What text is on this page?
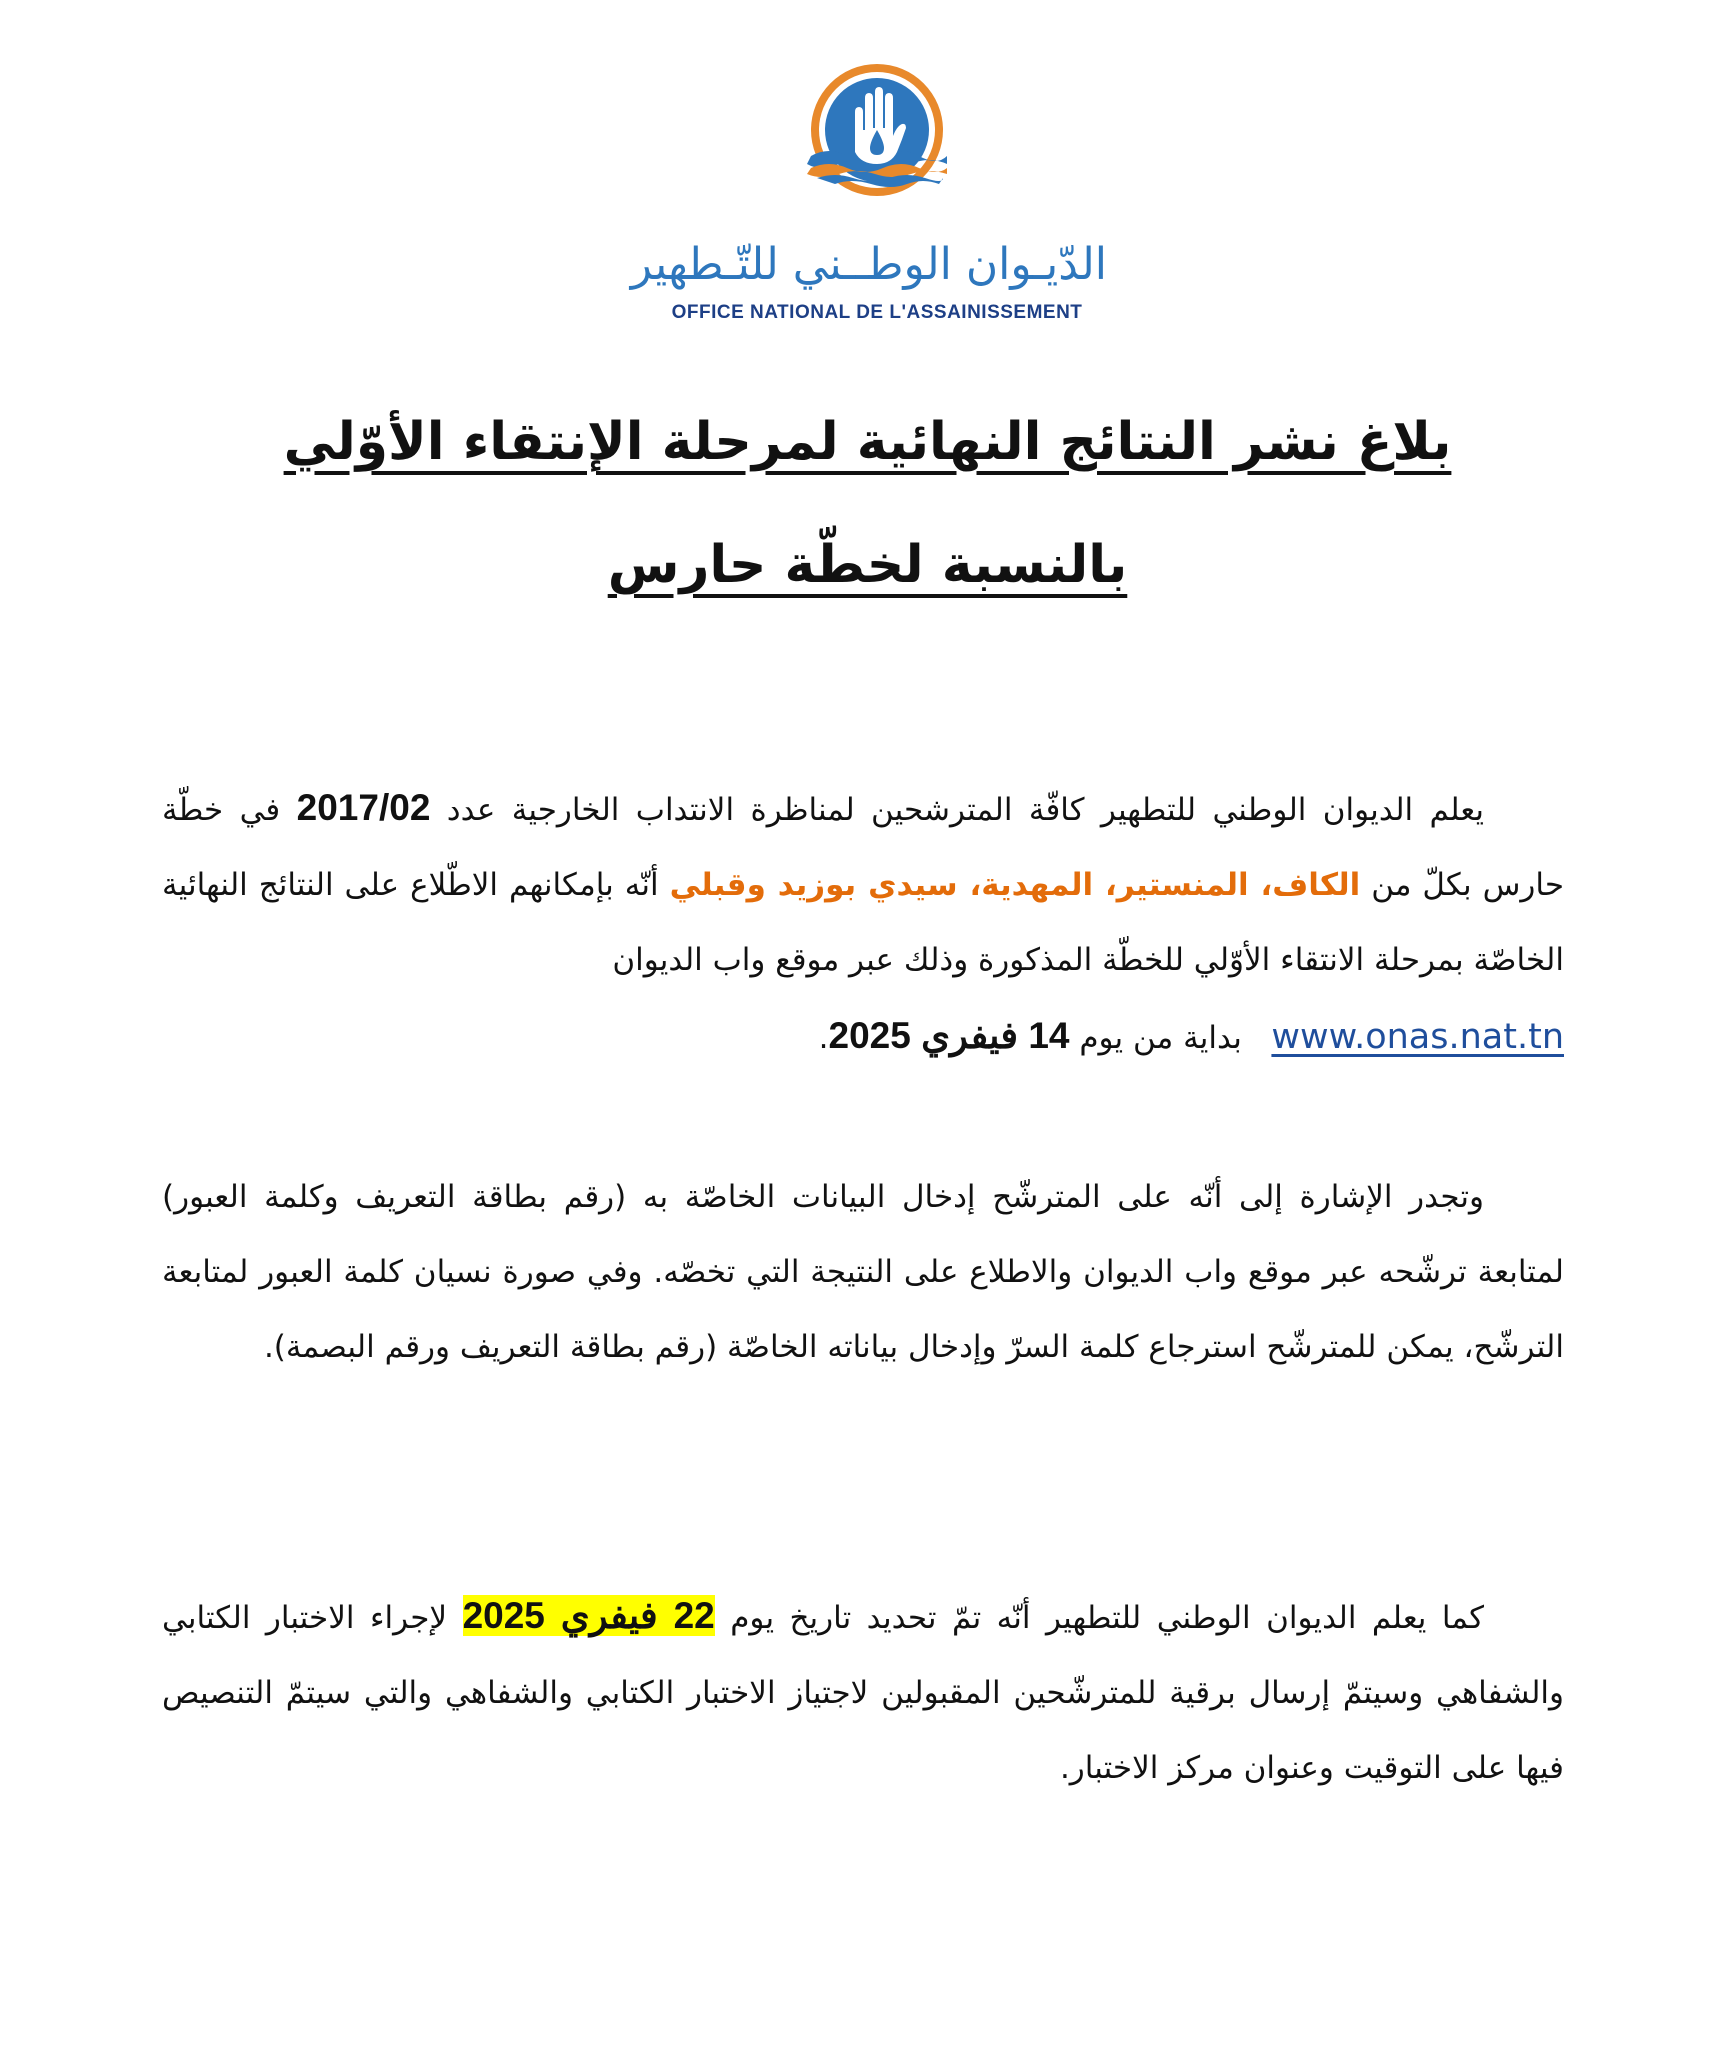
الدّيـوان الوطــني للتّـطهير
OFFICE NATIONAL DE L'ASSAINISSEMENT
بلاغ نشر النتائج النهائية لمرحلة الإنتقاء الأوّلي
بالنسبة لخطّة حارس

يعلم الديوان الوطني للتطهير كافّة المترشحين لمناظرة الانتداب الخارجية عدد 2017/02 في خطّة حارس بكلّ من الكاف، المنستير، المهدية، سيدي بوزيد وقبلي أنّه بإمكانهم الاطّلاع على النتائج النهائية الخاصّة بمرحلة الانتقاء الأوّلي للخطّة المذكورة وذلك عبر موقع واب الديوان

www.onas.nat.tn   بداية من يوم 14 فيفري 2025.

وتجدر الإشارة إلى أنّه على المترشّح إدخال البيانات الخاصّة به (رقم بطاقة التعريف وكلمة العبور) لمتابعة ترشّحه عبر موقع واب الديوان والاطلاع على النتيجة التي تخصّه. وفي صورة نسيان كلمة العبور لمتابعة الترشّح، يمكن للمترشّح استرجاع كلمة السرّ وإدخال بياناته الخاصّة (رقم بطاقة التعريف ورقم البصمة).

كما يعلم الديوان الوطني للتطهير أنّه تمّ تحديد تاريخ يوم 22 فيفري 2025 لإجراء الاختبار الكتابي والشفاهي وسيتمّ إرسال برقية للمترشّحين المقبولين لاجتياز الاختبار الكتابي والشفاهي والتي سيتمّ التنصيص فيها على التوقيت وعنوان مركز الاختبار.
